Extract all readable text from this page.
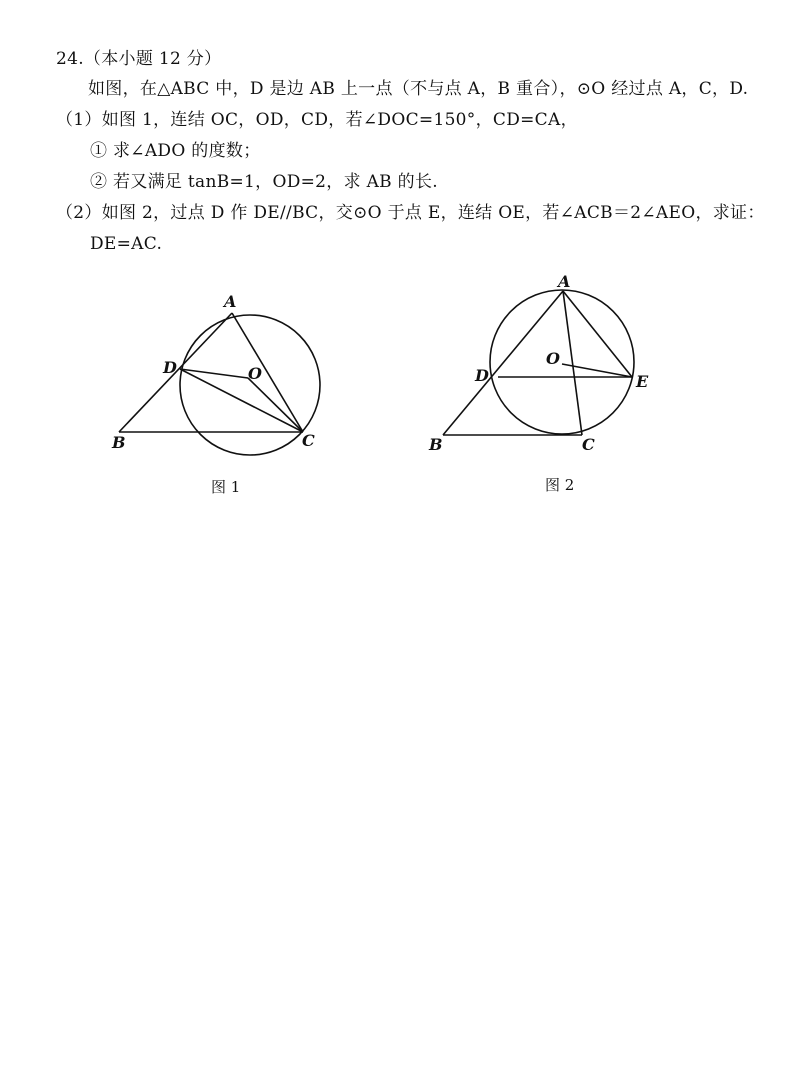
24.（本小题 12 分）
如图，在△ABC 中，D 是边 AB 上一点（不与点 A，B 重合），⊙O 经过点 A，C，D.
（1）如图 1，连结 OC，OD，CD，若∠DOC=150°，CD=CA，
① 求∠ADO 的度数；
② 若又满足 tanB=1，OD=2，求 AB 的长.
（2）如图 2，过点 D 作 DE//BC，交⊙O 于点 E，连结 OE，若∠ACB＝2∠AEO，求证：
DE=AC.
A
B	C
D	O
图 1
A
B	C
D	E
O
图 2
